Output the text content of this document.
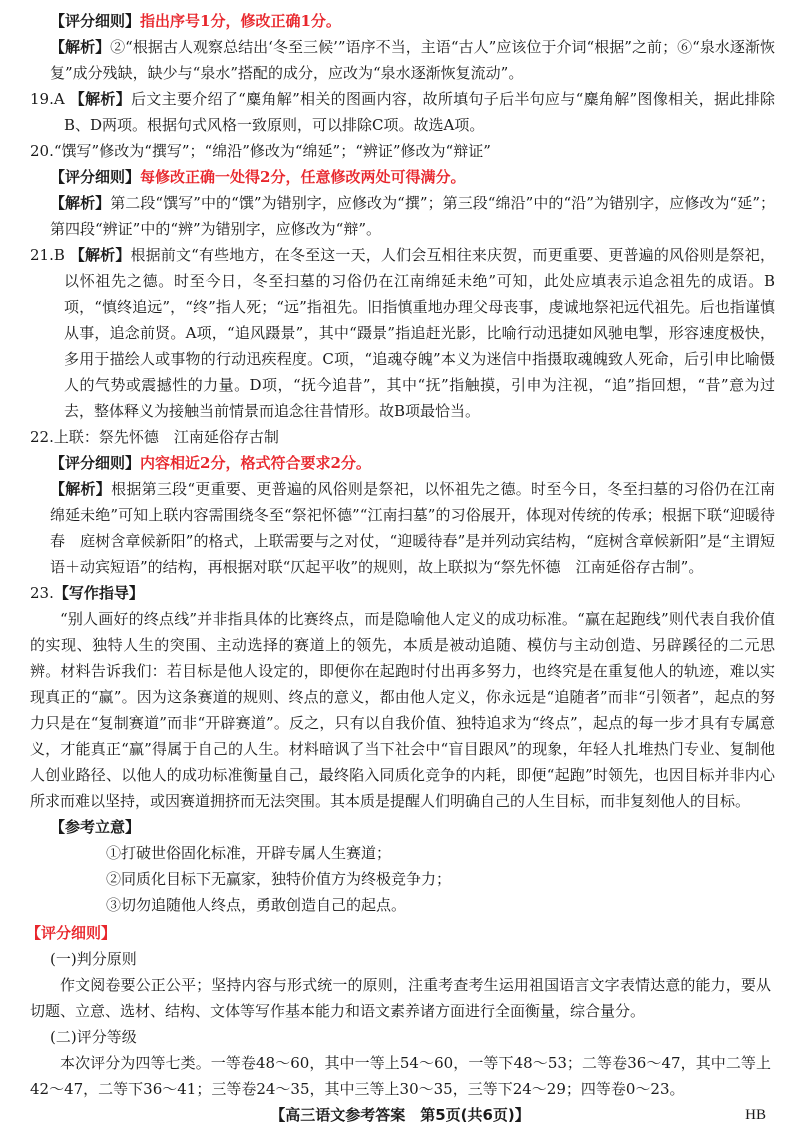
【评分细则】指出序号1分，修改正确1分。

【解析】②“根据古人观察总结出‘冬至三候’”语序不当，主语“古人”应该位于介词“根据”之前；⑥“泉水逐渐恢复”成分残缺，缺少与“泉水”搭配的成分，应改为“泉水逐渐恢复流动”。

19.A 【解析】后文主要介绍了“麋角解”相关的图画内容，故所填句子后半句应与“麋角解”图像相关，据此排除B、D两项。根据句式风格一致原则，可以排除C项。故选A项。

20.“馔写”修改为“撰写”；“绵沿”修改为“绵延”；“辨证”修改为“辩证”

【评分细则】每修改正确一处得2分，任意修改两处可得满分。

【解析】第二段“馔写”中的“馔”为错别字，应修改为“撰”；第三段“绵沿”中的“沿”为错别字，应修改为“延”；第四段“辨证”中的“辨”为错别字，应修改为“辩”。

21.B 【解析】根据前文“有些地方，在冬至这一天，人们会互相往来庆贺，而更重要、更普遍的风俗则是祭祀，以怀祖先之德。时至今日，冬至扫墓的习俗仍在江南绵延未绝”可知，此处应填表示追念祖先的成语。B项，“慎终追远”，“终”指人死；“远”指祖先。旧指慎重地办理父母丧事，虔诚地祭祀远代祖先。后也指谨慎从事，追念前贤。A项，“追风蹑景”，其中“蹑景”指追赶光影，比喻行动迅捷如风驰电掣，形容速度极快，多用于描绘人或事物的行动迅疾程度。C项，“追魂夺魄”本义为迷信中指摄取魂魄致人死命，后引申比喻慑人的气势或震撼性的力量。D项，“抚今追昔”，其中“抚”指触摸，引申为注视，“追”指回想，“昔”意为过去，整体释义为接触当前情景而追念往昔情形。故B项最恰当。

22.上联：祭先怀德　江南延俗存古制

【评分细则】内容相近2分，格式符合要求2分。

【解析】根据第三段“更重要、更普遍的风俗则是祭祀，以怀祖先之德。时至今日，冬至扫墓的习俗仍在江南绵延未绝”可知上联内容需围绕冬至“祭祀怀德”“江南扫墓”的习俗展开，体现对传统的传承；根据下联“迎暖待春　庭树含章候新阳”的格式，上联需要与之对仗，“迎暖待春”是并列动宾结构，“庭树含章候新阳”是“主谓短语＋动宾短语”的结构，再根据对联“仄起平收”的规则，故上联拟为“祭先怀德　江南延俗存古制”。

23.【写作指导】

“别人画好的终点线”并非指具体的比赛终点，而是隐喻他人定义的成功标准。“赢在起跑线”则代表自我价值的实现、独特人生的突围、主动选择的赛道上的领先，本质是被动追随、模仿与主动创造、另辟蹊径的二元思辨。材料告诉我们：若目标是他人设定的，即便你在起跑时付出再多努力，也终究是在重复他人的轨迹，难以实现真正的“赢”。因为这条赛道的规则、终点的意义，都由他人定义，你永远是“追随者”而非“引领者”，起点的努力只是在“复制赛道”而非“开辟赛道”。反之，只有以自我价值、独特追求为“终点”，起点的每一步才具有专属意义，才能真正“赢”得属于自己的人生。材料暗讽了当下社会中“盲目跟风”的现象，年轻人扎堆热门专业、复制他人创业路径、以他人的成功标准衡量自己，最终陷入同质化竞争的内耗，即便“起跑”时领先，也因目标并非内心所求而难以坚持，或因赛道拥挤而无法突围。其本质是提醒人们明确自己的人生目标，而非复刻他人的目标。

【参考立意】

①打破世俗固化标准，开辟专属人生赛道；

②同质化目标下无赢家，独特价值方为终极竞争力；

③切勿追随他人终点，勇敢创造自己的起点。

【评分细则】

(一)判分原则

作文阅卷要公正公平；坚持内容与形式统一的原则，注重考查考生运用祖国语言文字表情达意的能力，要从切题、立意、选材、结构、文体等写作基本能力和语文素养诸方面进行全面衡量，综合量分。

(二)评分等级

本次评分为四等七类。一等卷48～60，其中一等上54～60，一等下48～53；二等卷36～47，其中二等上42～47，二等下36～41；三等卷24～35，其中三等上30～35，三等下24～29；四等卷0～23。

【高三语文参考答案　第5页(共6页)】	HB
